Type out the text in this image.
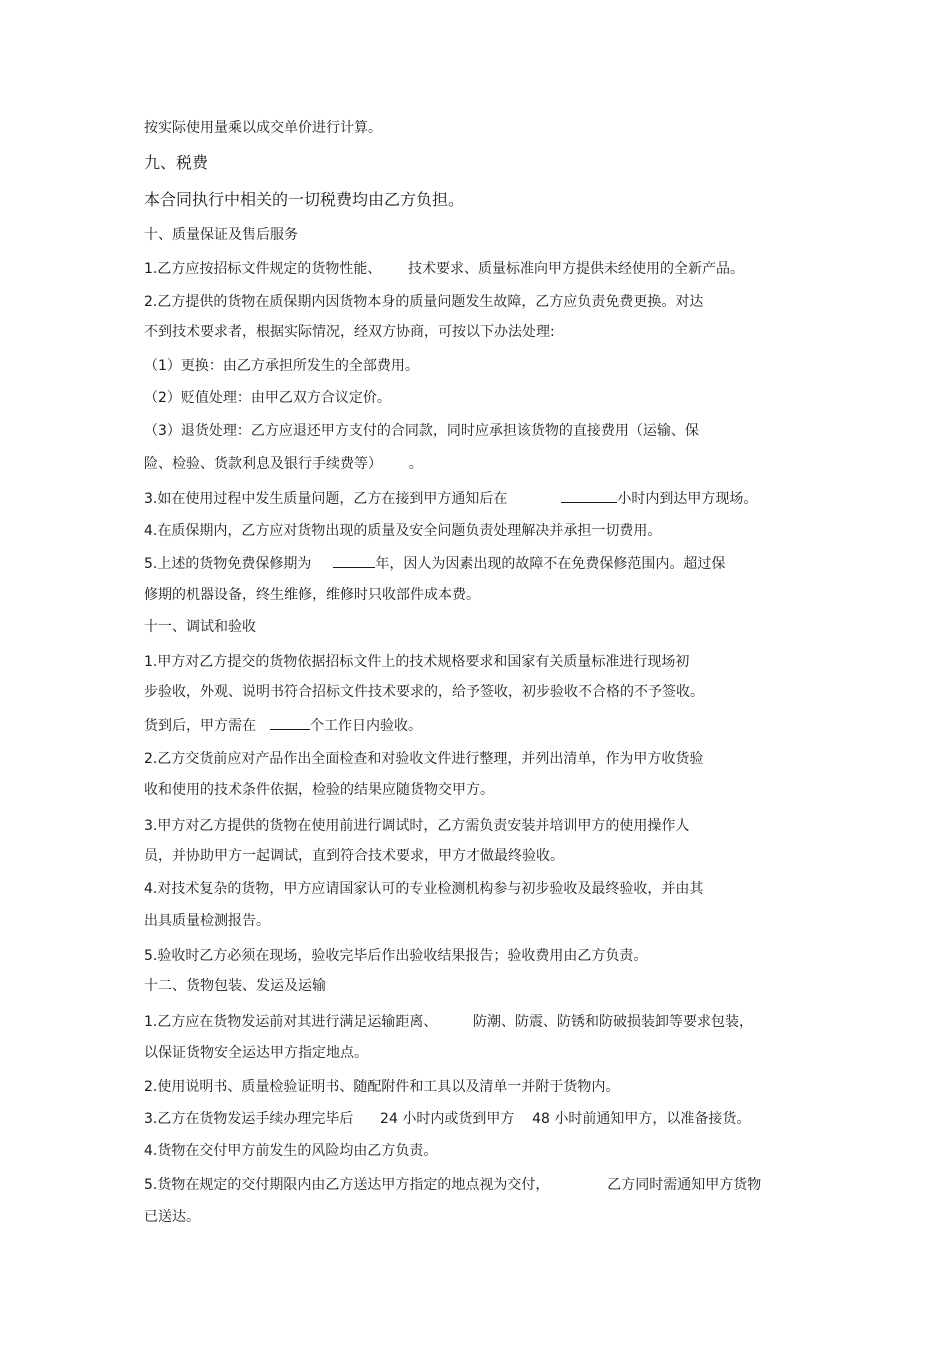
按实际使用量乘以成交单价进行计算。
九、税费
本合同执行中相关的一切税费均由乙方负担。
十、质量保证及售后服务
1.乙方应按招标文件规定的货物性能、      技术要求、质量标准向甲方提供未经使用的全新产品。
2.乙方提供的货物在质保期内因货物本身的质量问题发生故障，乙方应负责免费更换。对达
不到技术要求者，根据实际情况，经双方协商，可按以下办法处理:
（1）更换：由乙方承担所发生的全部费用。
（2）贬值处理：由甲乙双方合议定价。
（3）退货处理：乙方应退还甲方支付的合同款，同时应承担该货物的直接费用（运输、保
险、检验、货款利息及银行手续费等）      。
3.如在使用过程中发生质量问题，乙方在接到甲方通知后在	小时内到达甲方现场。
4.在质保期内，乙方应对货物出现的质量及安全问题负责处理解决并承担一切费用。
5.上述的货物免费保修期为	年，因人为因素出现的故障不在免费保修范围内。超过保
修期的机器设备，终生维修，维修时只收部件成本费。
十一、调试和验收
1.甲方对乙方提交的货物依据招标文件上的技术规格要求和国家有关质量标准进行现场初
步验收，外观、说明书符合招标文件技术要求的，给予签收，初步验收不合格的不予签收。
货到后，甲方需在	个工作日内验收。
2.乙方交货前应对产品作出全面检查和对验收文件进行整理，并列出清单，作为甲方收货验
收和使用的技术条件依据，检验的结果应随货物交甲方。
3.甲方对乙方提供的货物在使用前进行调试时，乙方需负责安装并培训甲方的使用操作人
员，并协助甲方一起调试，直到符合技术要求，甲方才做最终验收。
4.对技术复杂的货物，甲方应请国家认可的专业检测机构参与初步验收及最终验收，并由其
出具质量检测报告。
5.验收时乙方必须在现场，验收完毕后作出验收结果报告；验收费用由乙方负责。
十二、货物包装、发运及运输
1.乙方应在货物发运前对其进行满足运输距离、        防潮、防震、防锈和防破损装卸等要求包装，
以保证货物安全运达甲方指定地点。
2.使用说明书、质量检验证明书、随配附件和工具以及清单一并附于货物内。
3.乙方在货物发运手续办理完毕后      24 小时内或货到甲方    48 小时前通知甲方，以准备接货。
4.货物在交付甲方前发生的风险均由乙方负责。
5.货物在规定的交付期限内由乙方送达甲方指定的地点视为交付，             乙方同时需通知甲方货物
已送达。
